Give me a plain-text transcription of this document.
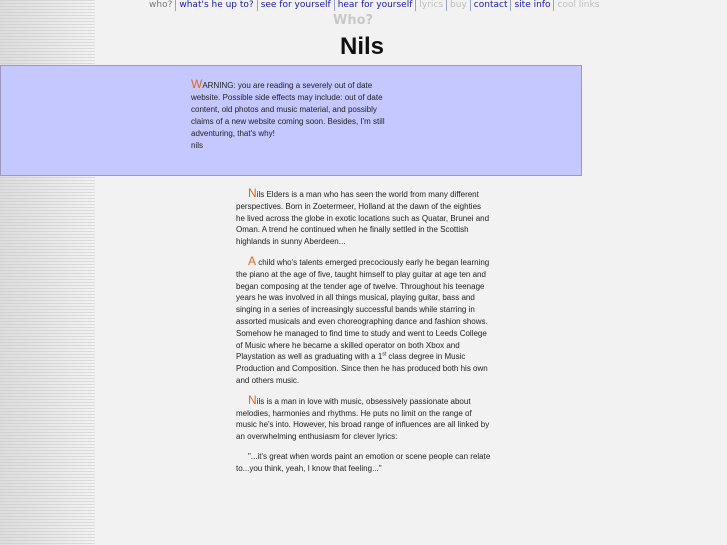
who? what's he up to? see for yourself hear for yourself lyrics buy contact site info cool links
Who?
Nils
WARNING: you are reading a severely out of date website. Possible side effects may include: out of date content, old photos and music material, and possibly claims of a new website coming soon. Besides, I'm still adventuring, that's why!
nils

Nils Elders is a man who has seen the world from many different perspectives. Born in Zoetermeer, Holland at the dawn of the eighties he lived across the globe in exotic locations such as Quatar, Brunei and Oman. A trend he continued when he finally settled in the Scottish highlands in sunny Aberdeen...

A child who's talents emerged precociously early he began learning the piano at the age of five, taught himself to play guitar at age ten and began composing at the tender age of twelve. Throughout his teenage years he was involved in all things musical, playing guitar, bass and singing in a series of increasingly successful bands while starring in assorted musicals and even choreographing dance and fashion shows. Somehow he managed to find time to study and went to Leeds College of Music where he became a skilled operator on both Xbox and Playstation as well as graduating with a 1st class degree in Music Production and Composition. Since then he has produced both his own and others music.

Nils is a man in love with music, obsessively passionate about melodies, harmonies and rhythms. He puts no limit on the range of music he's into. However, his broad range of influences are all linked by an overwhelming enthusiasm for clever lyrics:

"...it's great when words paint an emotion or scene people can relate to...you think, yeah, I know that feeling..."
